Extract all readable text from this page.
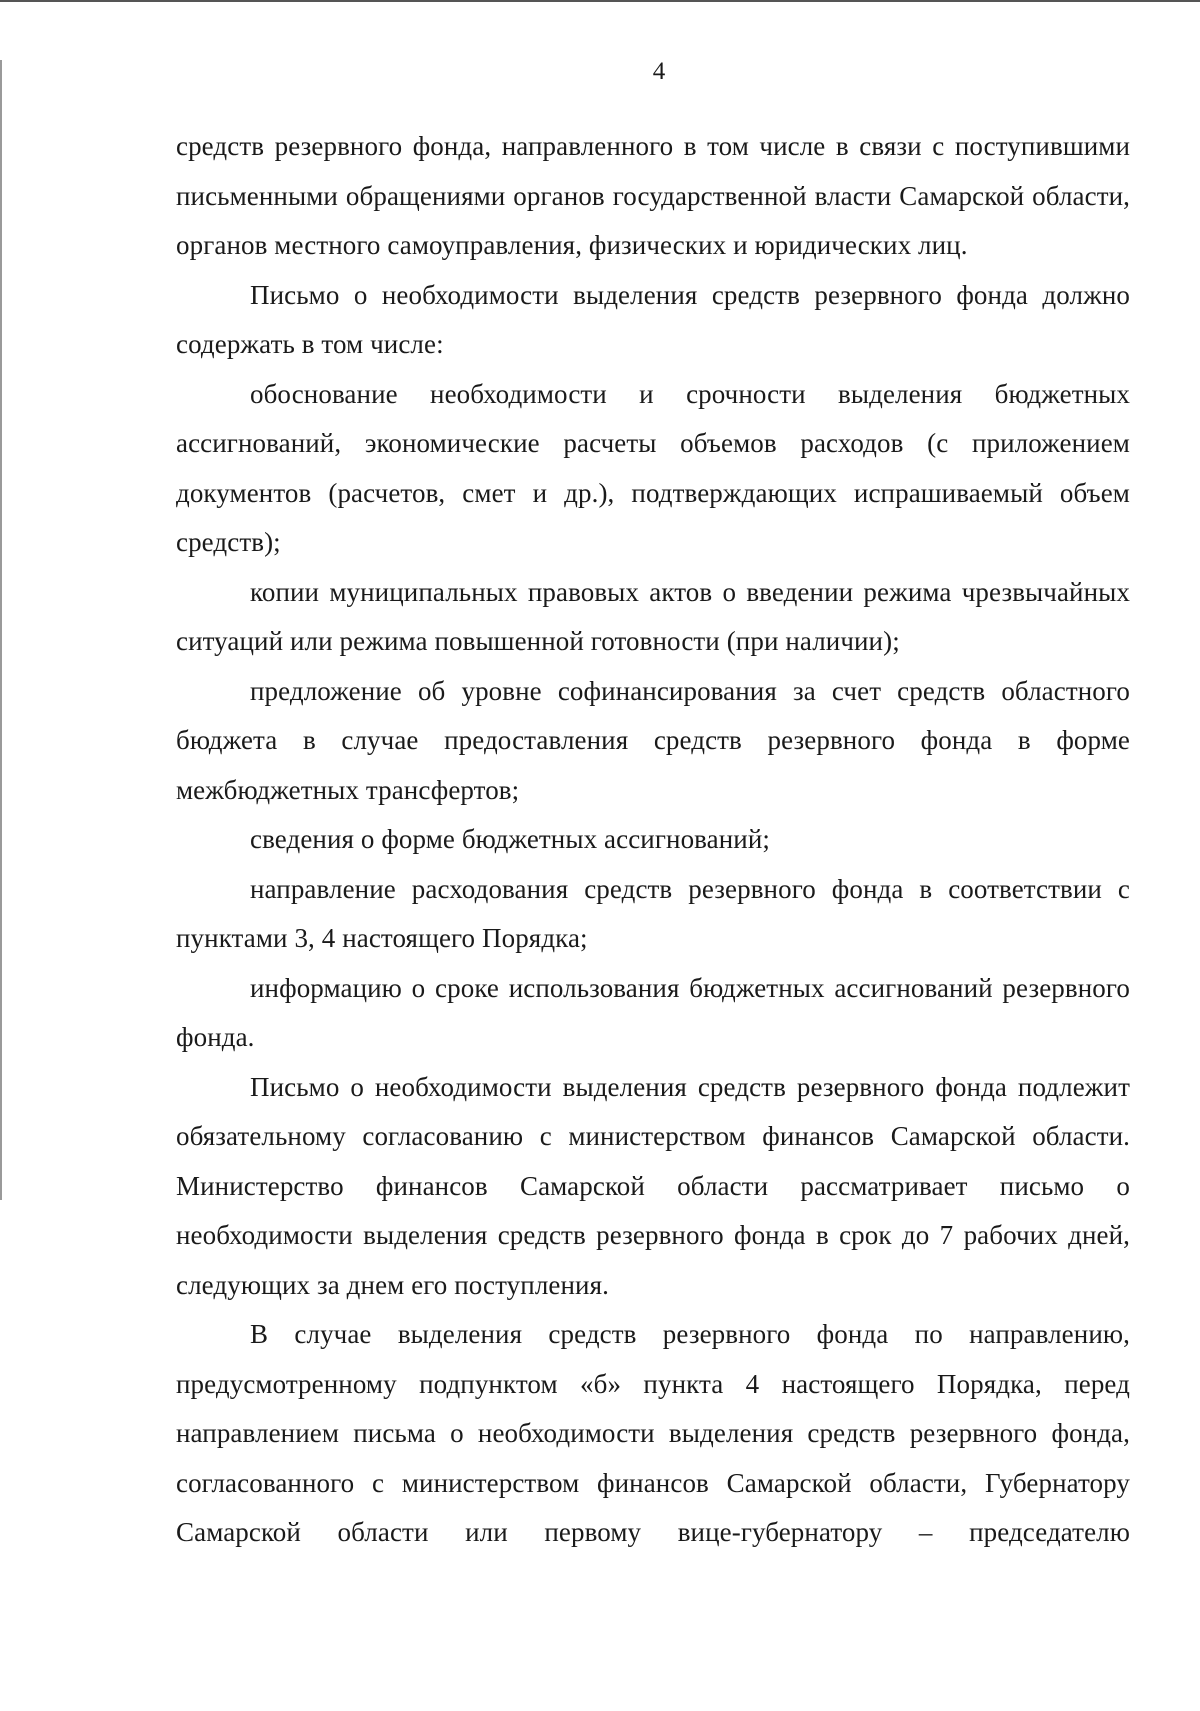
4

средств резервного фонда, направленного в том числе в связи с поступившими письменными обращениями органов государственной власти Самарской области, органов местного самоуправления, физических и юридических лиц.

Письмо о необходимости выделения средств резервного фонда должно содержать в том числе:

обоснование необходимости и срочности выделения бюджетных ассигнований, экономические расчеты объемов расходов (с приложением документов (расчетов, смет и др.), подтверждающих испрашиваемый объем средств);

копии муниципальных правовых актов о введении режима чрезвычайных ситуаций или режима повышенной готовности (при наличии);

предложение об уровне софинансирования за счет средств областного бюджета в случае предоставления средств резервного фонда в форме межбюджетных трансфертов;

сведения о форме бюджетных ассигнований;

направление расходования средств резервного фонда в соответствии с пунктами 3, 4 настоящего Порядка;

информацию о сроке использования бюджетных ассигнований резервного фонда.

Письмо о необходимости выделения средств резервного фонда подлежит обязательному согласованию с министерством финансов Самарской области. Министерство финансов Самарской области рассматривает письмо о необходимости выделения средств резервного фонда в срок до 7 рабочих дней, следующих за днем его поступления.

В случае выделения средств резервного фонда по направлению, предусмотренному подпунктом «б» пункта 4 настоящего Порядка, перед направлением письма о необходимости выделения средств резервного фонда, согласованного с министерством финансов Самарской области, Губернатору Самарской области или первому вице-губернатору – председателю
